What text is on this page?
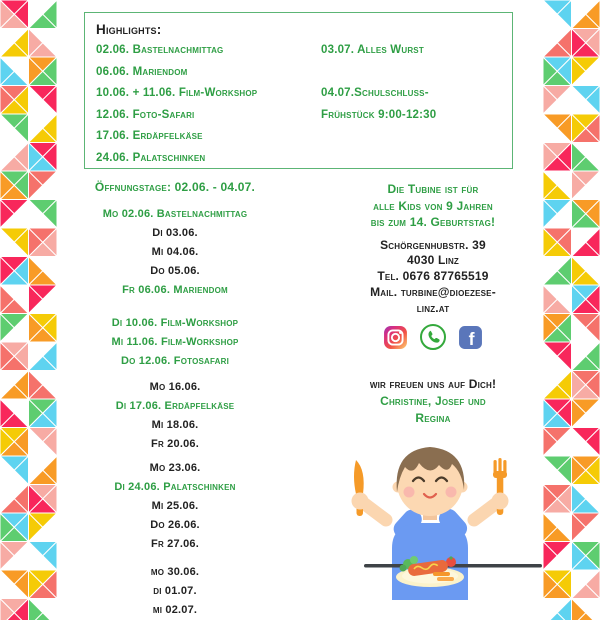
Highlights:
02.06. Bastelnachmittag
06.06. Mariendom
10.06. + 11.06. Film-Workshop
12.06. Foto-Safari
17.06. Erdäpfelkäse
24.06. Palatschinken
03.07. Alles Wurst
04.07.Schulschluss-
Frühstück 9:00-12:30
Öffnungstage: 02.06. - 04.07.
Mo 02.06. Bastelnachmittag
Di 03.06.
Mi 04.06.
Do 05.06.
Fr 06.06. Mariendom
Di 10.06. Film-Workshop
Mi 11.06. Film-Workshop
Do 12.06. Fotosafari
Mo 16.06.
Di 17.06. Erdäpfelkäse
Mi 18.06.
Fr 20.06.
Mo 23.06.
Di 24.06. Palatschinken
Mi 25.06.
Do 26.06.
Fr 27.06.
mo 30.06.
di 01.07.
mi 02.07.
Die Tubine ist für
alle Kids von 9 Jahren
bis zum 14. Geburtstag!
Schörgenhubstr. 39
4030 Linz
Tel. 0676 87765519
Mail. turbine@dioezese-
linz.at
f
wir freuen uns auf Dich!
Christine, Josef und
Regina
